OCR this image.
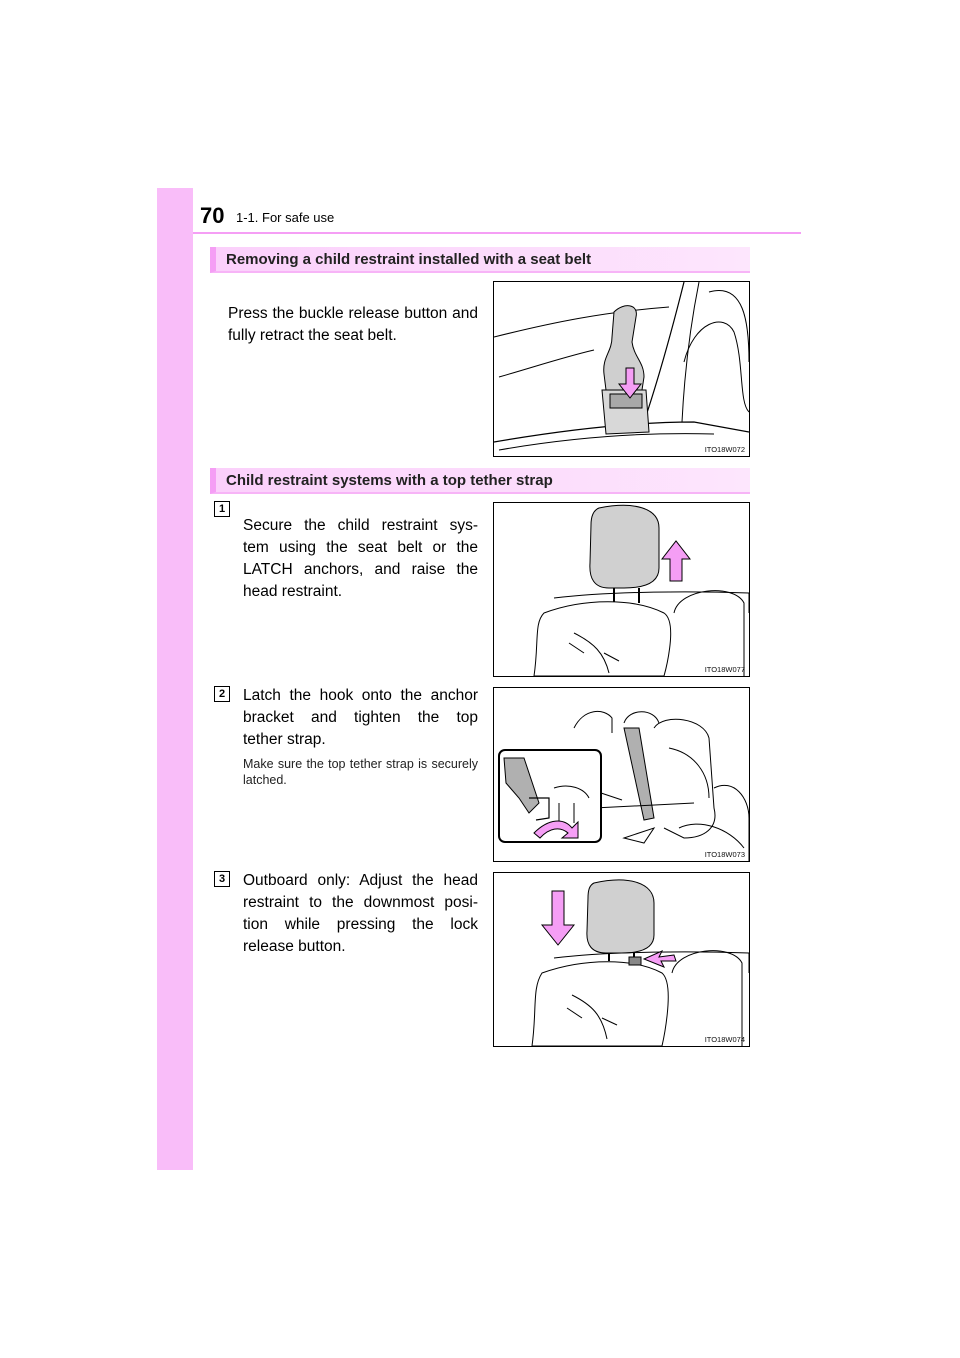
70 1-1. For safe use
Removing a child restraint installed with a seat belt
Press the buckle release button and fully retract the seat belt.
ITO18W072
Child restraint systems with a top tether strap
1
Secure the child restraint sys-
tem using the seat belt or the
LATCH anchors, and raise the
head restraint.
ITO18W077
2	Latch the hook onto the anchor
bracket and tighten the top
tether strap.
Make sure the top tether strap is securely latched.
ITO18W073
3	Outboard only: Adjust the head
restraint to the downmost posi-
tion while pressing the lock
release button.
ITO18W074
